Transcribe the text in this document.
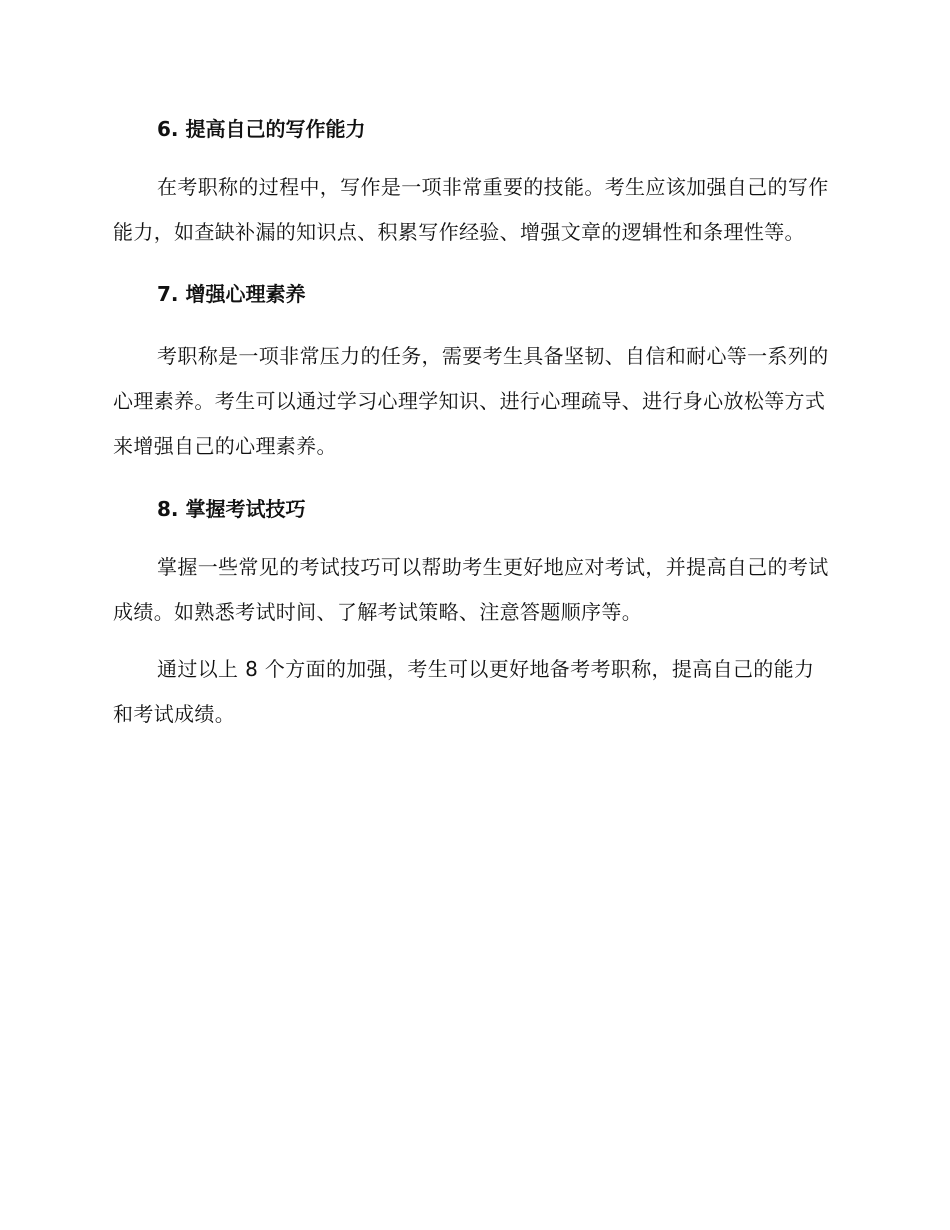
6. 提高自己的写作能力

在考职称的过程中，写作是一项非常重要的技能。考生应该加强自己的写作能力，如查缺补漏的知识点、积累写作经验、增强文章的逻辑性和条理性等。

7. 增强心理素养

考职称是一项非常压力的任务，需要考生具备坚韧、自信和耐心等一系列的心理素养。考生可以通过学习心理学知识、进行心理疏导、进行身心放松等方式来增强自己的心理素养。

8. 掌握考试技巧

掌握一些常见的考试技巧可以帮助考生更好地应对考试，并提高自己的考试成绩。如熟悉考试时间、了解考试策略、注意答题顺序等。

通过以上 8 个方面的加强，考生可以更好地备考考职称，提高自己的能力和考试成绩。
